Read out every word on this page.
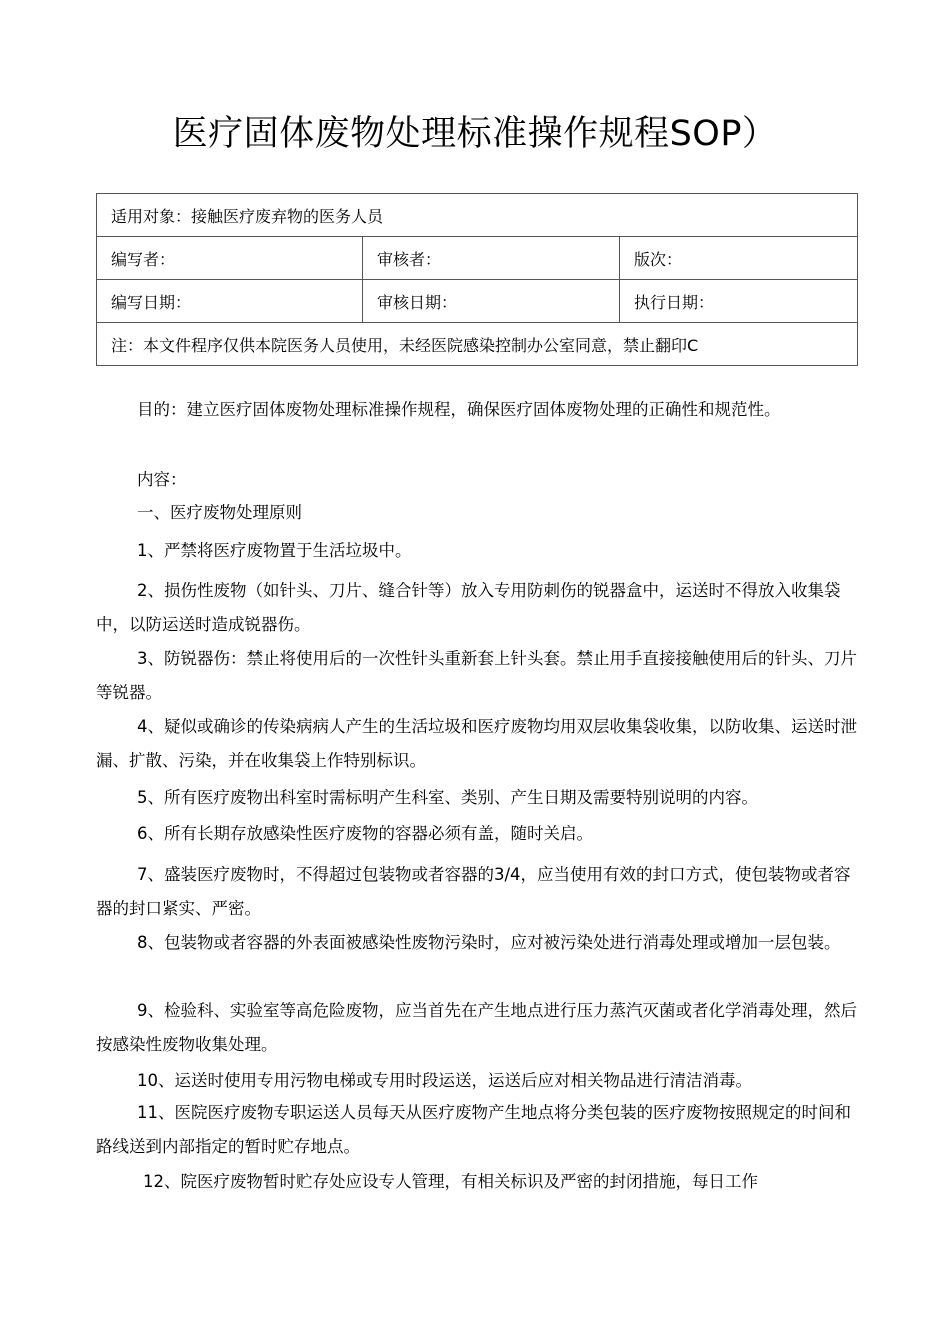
医疗固体废物处理标准操作规程SOP）
适用对象：接触医疗废弃物的医务人员		
编写者：	审核者：	版次：
编写日期：	审核日期：	执行日期：
注：本文件程序仅供本院医务人员使用，未经医院感染控制办公室同意，禁止翻印C		

目的：建立医疗固体废物处理标准操作规程，确保医疗固体废物处理的正确性和规范性。

内容：
一、医疗废物处理原则
1、严禁将医疗废物置于生活垃圾中。

2、损伤性废物（如针头、刀片、缝合针等）放入专用防刺伤的锐器盒中，运送时不得放入收集袋中，以防运送时造成锐器伤。

3、防锐器伤：禁止将使用后的一次性针头重新套上针头套。禁止用手直接接触使用后的针头、刀片等锐器。

4、疑似或确诊的传染病病人产生的生活垃圾和医疗废物均用双层收集袋收集，以防收集、运送时泄漏、扩散、污染，并在收集袋上作特别标识。

5、所有医疗废物出科室时需标明产生科室、类别、产生日期及需要特别说明的内容。
6、所有长期存放感染性医疗废物的容器必须有盖，随时关启。

7、盛装医疗废物时，不得超过包装物或者容器的3/4，应当使用有效的封口方式，使包装物或者容器的封口紧实、严密。

8、包装物或者容器的外表面被感染性废物污染时，应对被污染处进行消毒处理或增加一层包装。

9、检验科、实验室等高危险废物，应当首先在产生地点进行压力蒸汽灭菌或者化学消毒处理，然后按感染性废物收集处理。

10、运送时使用专用污物电梯或专用时段运送，运送后应对相关物品进行清洁消毒。

11、医院医疗废物专职运送人员每天从医疗废物产生地点将分类包装的医疗废物按照规定的时间和路线送到内部指定的暂时贮存地点。

12、院医疗废物暂时贮存处应设专人管理，有相关标识及严密的封闭措施，每日工作
